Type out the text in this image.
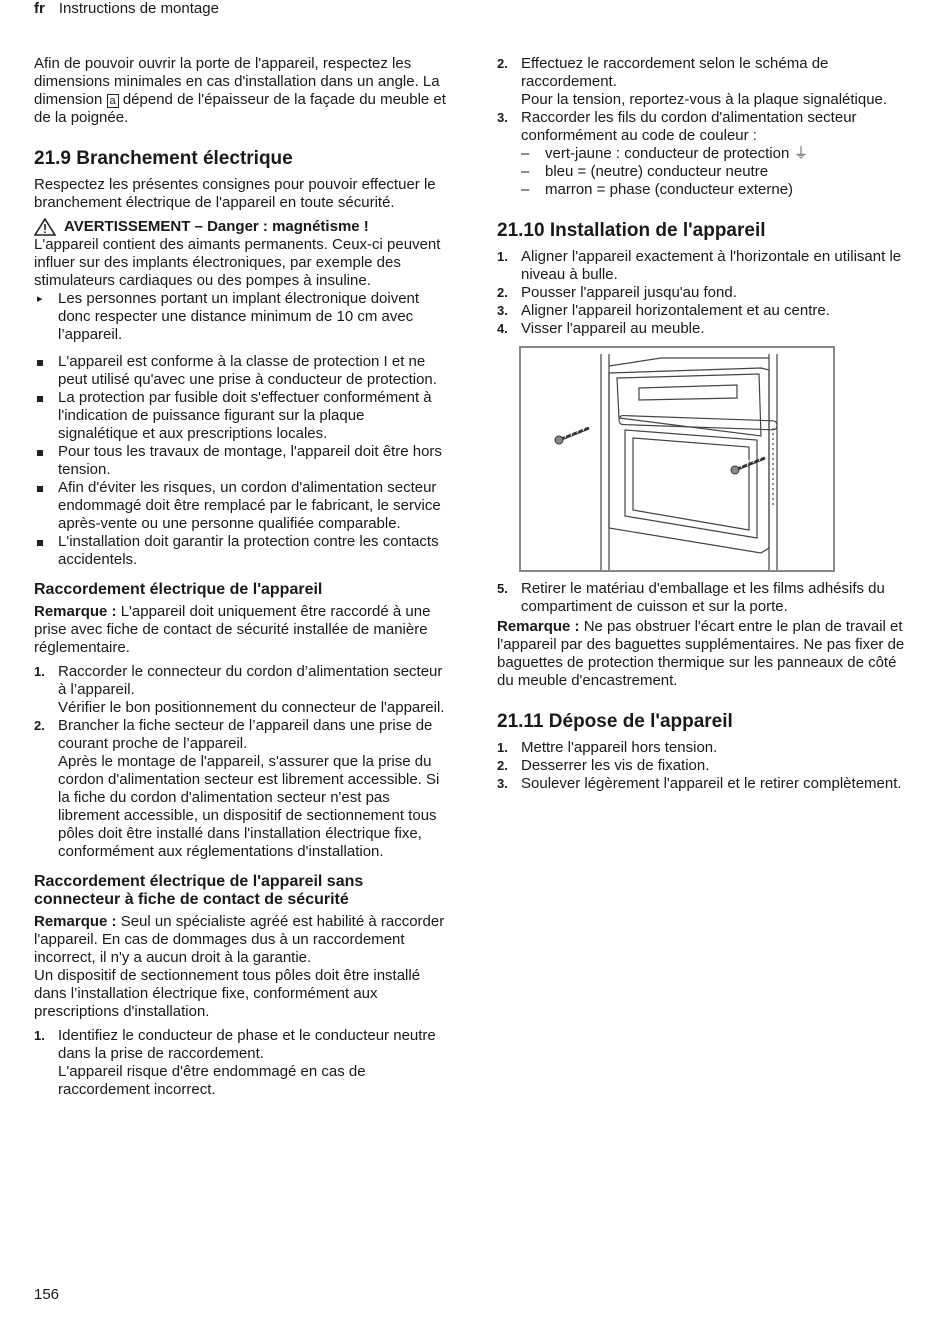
fr Instructions de montage

Afin de pouvoir ouvrir la porte de l'appareil, respectez les dimensions minimales en cas d'installation dans un angle. La dimension a dépend de l'épaisseur de la façade du meuble et de la poignée.

21.9 Branchement électrique

Respectez les présentes consignes pour pouvoir effectuer le branchement électrique de l'appareil en toute sécurité.

AVERTISSEMENT – Danger : magnétisme !

L'appareil contient des aimants permanents. Ceux-ci peuvent influer sur des implants électroniques, par exemple des stimulateurs cardiaques ou des pompes à insuline.

▸ Les personnes portant un implant électronique doivent donc respecter une distance minimum de 10 cm avec l’appareil.
L'appareil est conforme à la classe de protection I et ne peut utilisé qu'avec une prise à conducteur de protection.
La protection par fusible doit s'effectuer conformément à l'indication de puissance figurant sur la plaque signalétique et aux prescriptions locales.
Pour tous les travaux de montage, l'appareil doit être hors tension.
Afin d'éviter les risques, un cordon d'alimentation secteur endommagé doit être remplacé par le fabricant, le service après-vente ou une personne qualifiée comparable.
L'installation doit garantir la protection contre les contacts accidentels.
Raccordement électrique de l'appareil

Remarque : L'appareil doit uniquement être raccordé à une prise avec fiche de contact de sécurité installée de manière réglementaire.

1. Raccorder le connecteur du cordon d’alimentation secteur à l’appareil.
Vérifier le bon positionnement du connecteur de l'appareil.
2. Brancher la fiche secteur de l’appareil dans une prise de courant proche de l’appareil.
Après le montage de l'appareil, s'assurer que la prise du cordon d'alimentation secteur est librement accessible. Si la fiche du cordon d'alimentation secteur n'est pas librement accessible, un dispositif de sectionnement tous pôles doit être installé dans l'installation électrique fixe, conformément aux réglementations d'installation.
Raccordement électrique de l'appareil sans connecteur à fiche de contact de sécurité

Remarque : Seul un spécialiste agréé est habilité à raccorder l'appareil. En cas de dommages dus à un raccordement incorrect, il n'y a aucun droit à la garantie.

Un dispositif de sectionnement tous pôles doit être installé dans l’installation électrique fixe, conformément aux prescriptions d'installation.

1. Identifiez le conducteur de phase et le conducteur neutre dans la prise de raccordement.
L'appareil risque d'être endommagé en cas de raccordement incorrect.
2. Effectuez le raccordement selon le schéma de raccordement.
Pour la tension, reportez-vous à la plaque signalétique.
3. Raccorder les fils du cordon d'alimentation secteur conformément au code de couleur :
– vert-jaune : conducteur de protection ⏚
– bleu = (neutre) conducteur neutre
– marron = phase (conducteur externe)
21.10 Installation de l'appareil
1. Aligner l'appareil exactement à l'horizontale en utilisant le niveau à bulle.
2. Pousser l'appareil jusqu'au fond.
3. Aligner l'appareil horizontalement et au centre.
4. Visser l'appareil au meuble.
5. Retirer le matériau d'emballage et les films adhésifs du compartiment de cuisson et sur la porte.

Remarque : Ne pas obstruer l'écart entre le plan de travail et l'appareil par des baguettes supplémentaires. Ne pas fixer de baguettes de protection thermique sur les panneaux de côté du meuble d'encastrement.

21.11 Dépose de l'appareil
1. Mettre l'appareil hors tension.
2. Desserrer les vis de fixation.
3. Soulever légèrement l'appareil et le retirer complètement.
156
